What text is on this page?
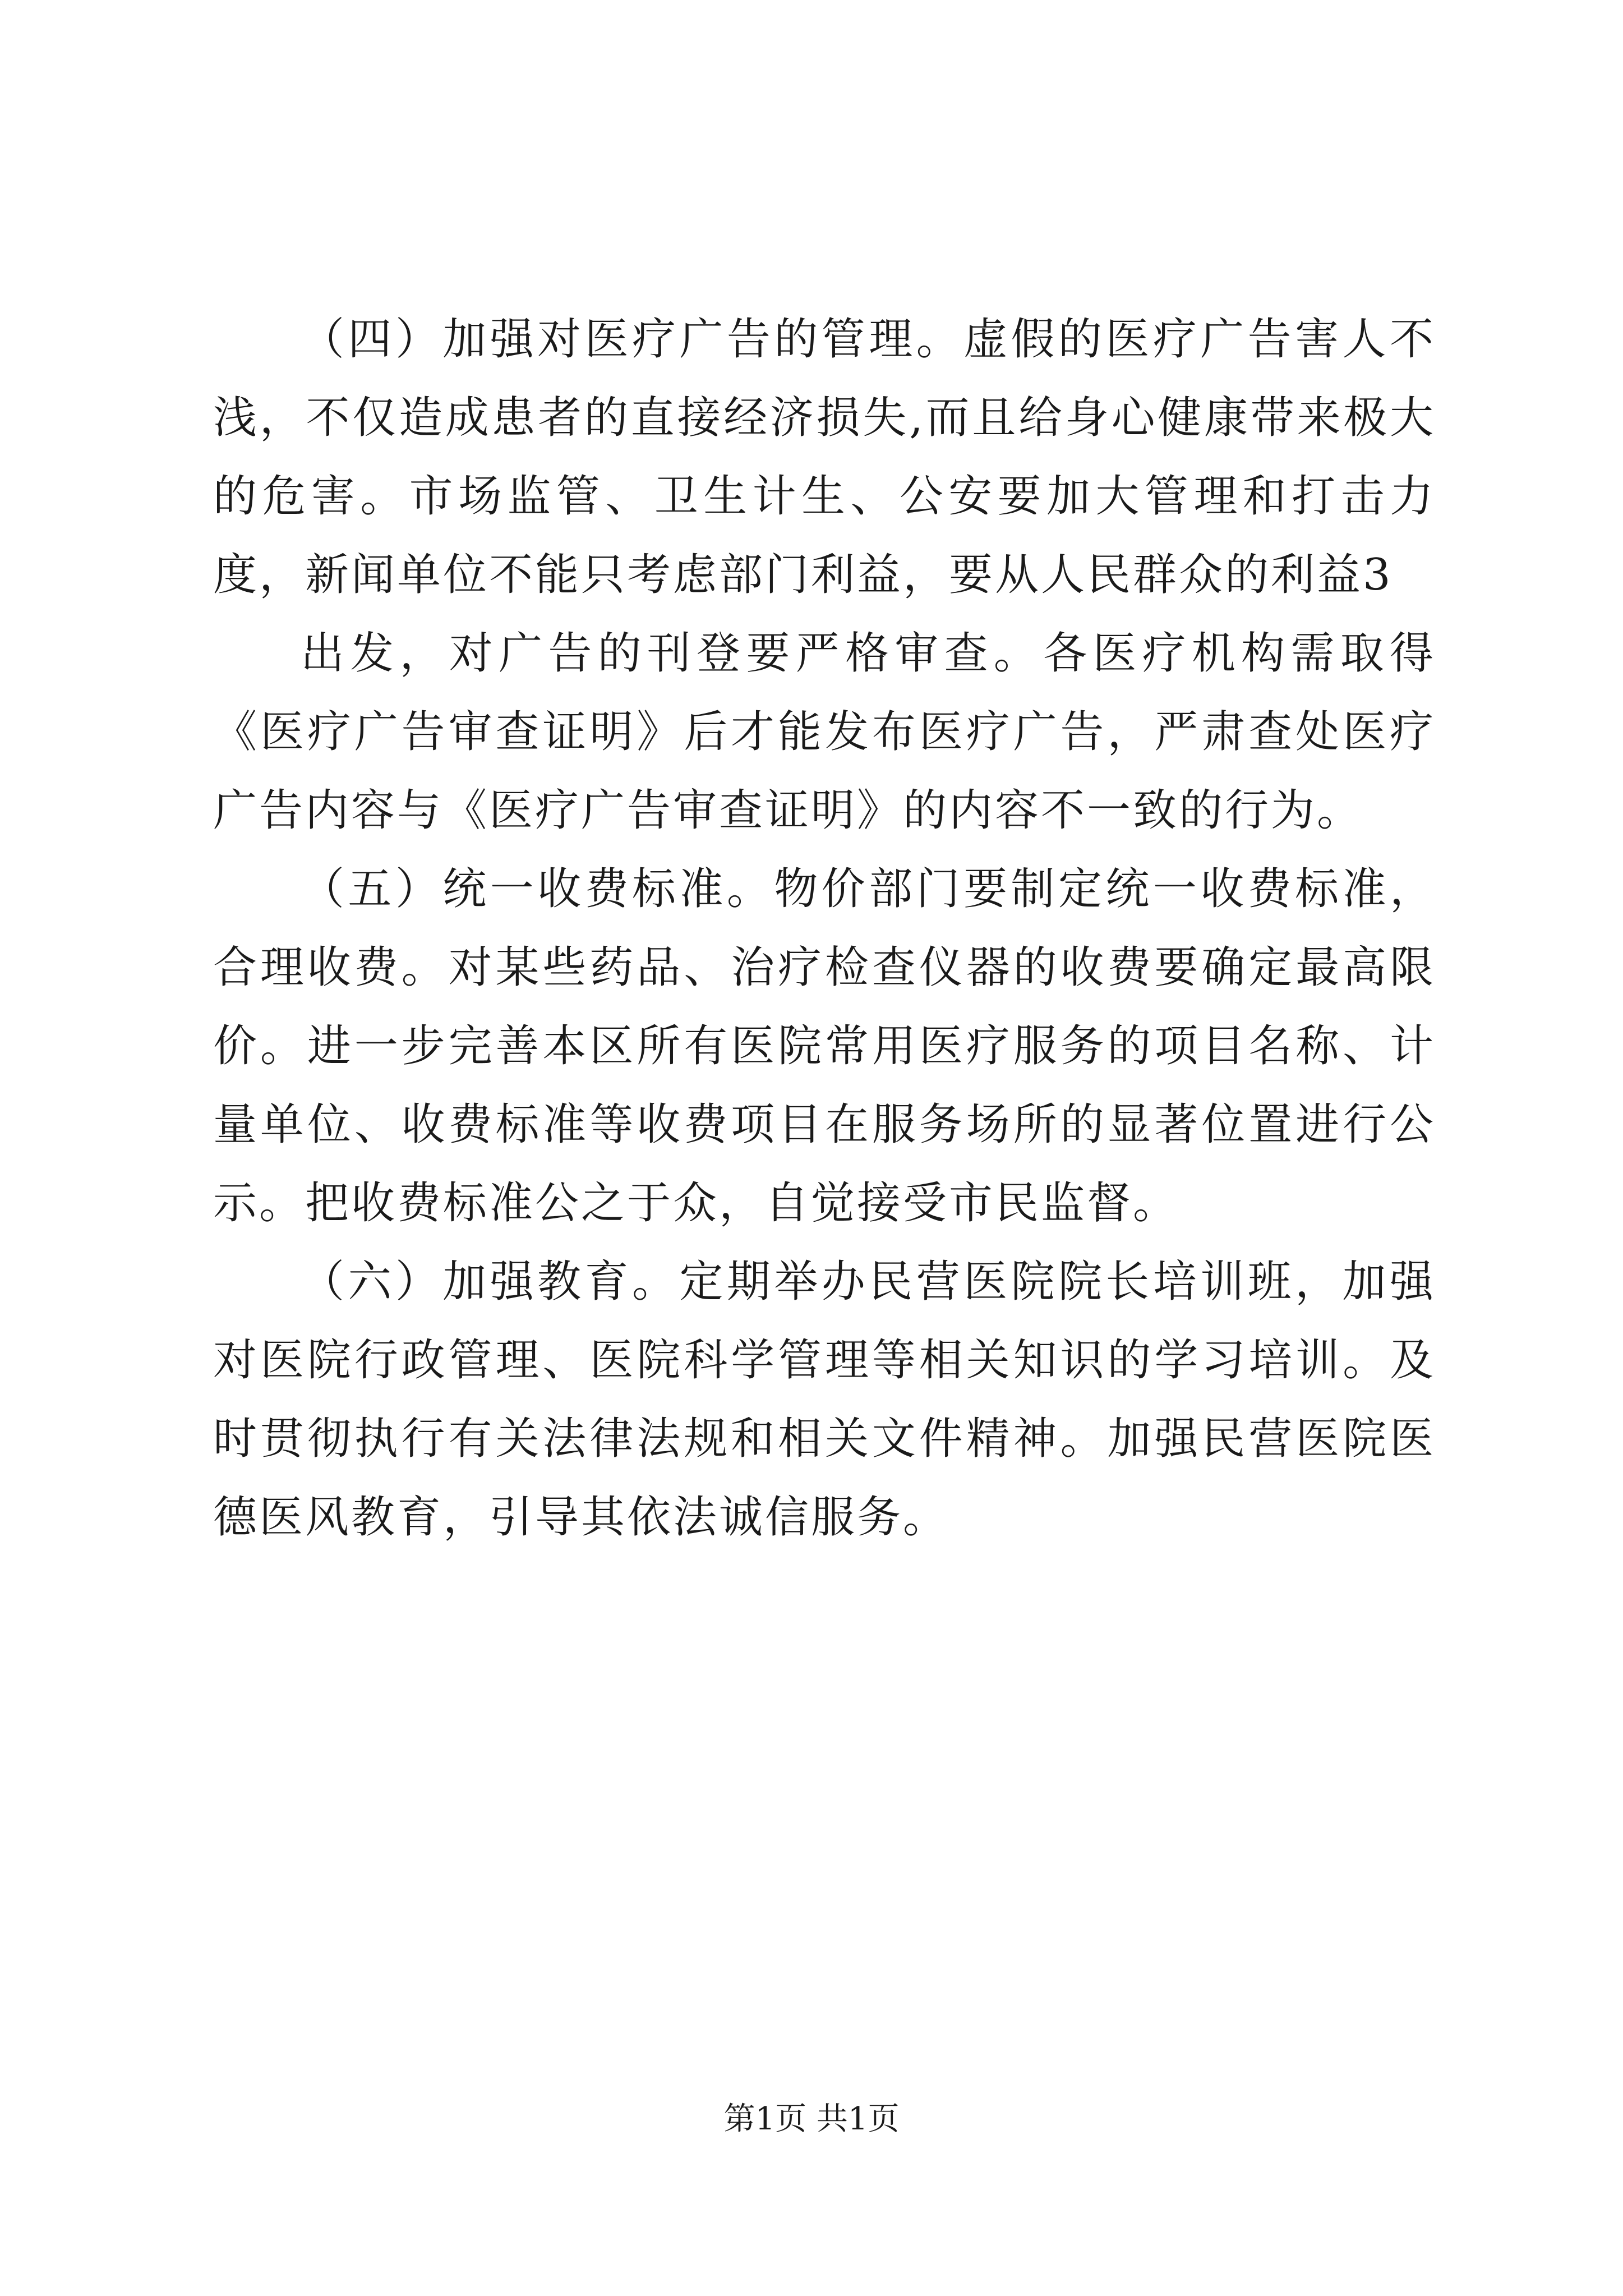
（四）加强对医疗广告的管理。虚假的医疗广告害人不浅，不仅造成患者的直接经济损失,而且给身心健康带来极大的危害。市场监管、卫生计生、公安要加大管理和打击力度，新闻单位不能只考虑部门利益，要从人民群众的利益3

出发，对广告的刊登要严格审查。各医疗机构需取得《医疗广告审查证明》后才能发布医疗广告，严肃查处医疗广告内容与《医疗广告审查证明》的内容不一致的行为。

（五）统一收费标准。物价部门要制定统一收费标准，合理收费。对某些药品、治疗检查仪器的收费要确定最高限价。进一步完善本区所有医院常用医疗服务的项目名称、计量单位、收费标准等收费项目在服务场所的显著位置进行公示。把收费标准公之于众，自觉接受市民监督。

（六）加强教育。定期举办民营医院院长培训班，加强对医院行政管理、医院科学管理等相关知识的学习培训。及时贯彻执行有关法律法规和相关文件精神。加强民营医院医德医风教育，引导其依法诚信服务。

第1页 共1页
